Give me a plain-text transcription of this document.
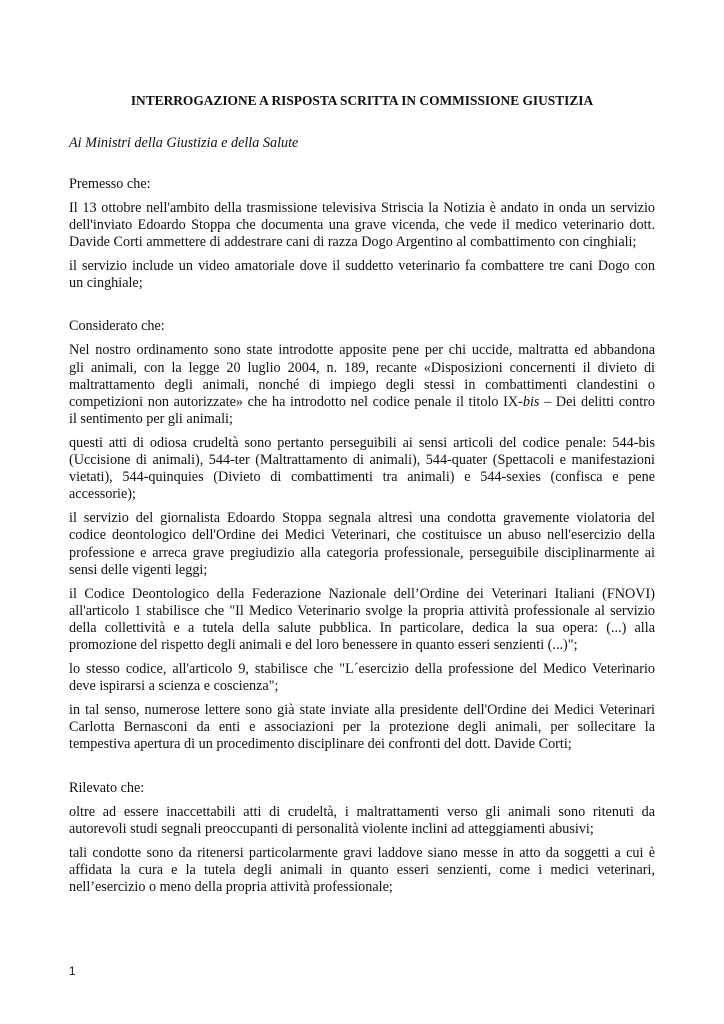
INTERROGAZIONE A RISPOSTA SCRITTA IN COMMISSIONE GIUSTIZIA

Ai Ministri della Giustizia e della Salute

Premesso che:

Il 13 ottobre nell'ambito della trasmissione televisiva Striscia la Notizia è andato in onda un servizio
dell'inviato Edoardo Stoppa che documenta una grave vicenda, che vede il medico veterinario dott.
Davide Corti ammettere di addestrare cani di razza Dogo Argentino al combattimento con cinghiali;
il servizio include un video amatoriale dove il suddetto veterinario fa combattere tre cani Dogo con
un cinghiale;

Considerato che:

Nel nostro ordinamento sono state introdotte apposite pene per chi uccide, maltratta ed abbandona
gli animali, con la legge 20 luglio 2004, n. 189, recante «Disposizioni concernenti il divieto di
maltrattamento degli animali, nonché di impiego degli stessi in combattimenti clandestini o
competizioni non autorizzate» che ha introdotto nel codice penale il titolo IX-bis – Dei delitti contro
il sentimento per gli animali;
questi atti di odiosa crudeltà sono pertanto perseguibili ai sensi articoli del codice penale: 544-bis
(Uccisione di animali), 544-ter (Maltrattamento di animali), 544-quater (Spettacoli e manifestazioni
vietati), 544-quinquies (Divieto di combattimenti tra animali) e 544-sexies (confisca e pene
accessorie);
il servizio del giornalista Edoardo Stoppa segnala altresì una condotta gravemente violatoria del
codice deontologico dell'Ordine dei Medici Veterinari, che costituisce un abuso nell'esercizio della
professione e arreca grave pregiudizio alla categoria professionale, perseguibile disciplinarmente ai
sensi delle vigenti leggi;
il Codice Deontologico della Federazione Nazionale dell’Ordine dei Veterinari Italiani (FNOVI)
all'articolo 1 stabilisce che "Il Medico Veterinario svolge la propria attività professionale al servizio
della collettività e a tutela della salute pubblica. In particolare, dedica la sua opera: (...) alla
promozione del rispetto degli animali e del loro benessere in quanto esseri senzienti (...)";
lo stesso codice, all'articolo 9, stabilisce che "L´esercizio della professione del Medico Veterinario
deve ispirarsi a scienza e coscienza";
in tal senso, numerose lettere sono già state inviate alla presidente dell'Ordine dei Medici Veterinari
Carlotta Bernasconi da enti e associazioni per la protezione degli animali, per sollecitare la
tempestiva apertura di un procedimento disciplinare dei confronti del dott. Davide Corti;

Rilevato che:

oltre ad essere inaccettabili atti di crudeltà, i maltrattamenti verso gli animali sono ritenuti da
autorevoli studi segnali preoccupanti di personalità violente inclini ad atteggiamenti abusivi;
tali condotte sono da ritenersi particolarmente gravi laddove siano messe in atto da soggetti a cui è
affidata la cura e la tutela degli animali in quanto esseri senzienti, come i medici veterinari,
nell’esercizio o meno della propria attività professionale;
1
